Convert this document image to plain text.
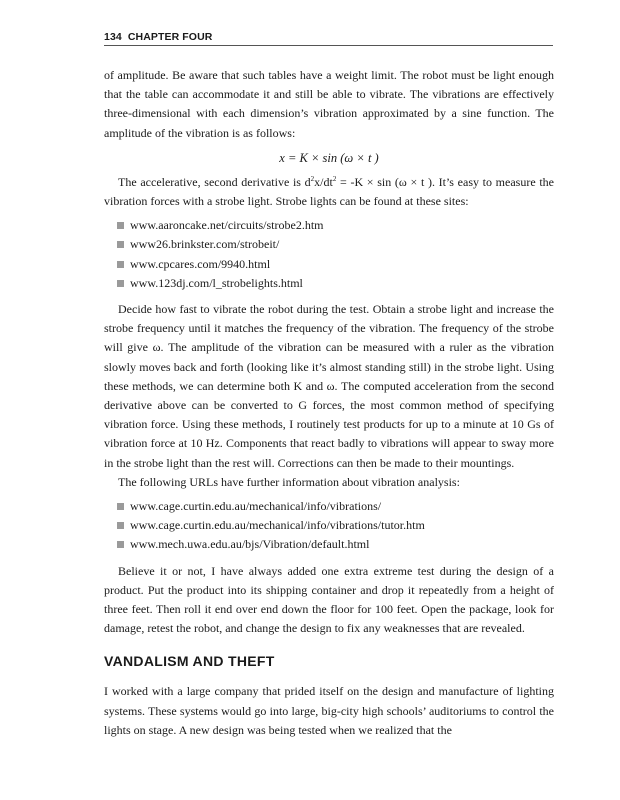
134 CHAPTER FOUR

of amplitude. Be aware that such tables have a weight limit. The robot must be light enough that the table can accommodate it and still be able to vibrate. The vibrations are effectively three-dimensional with each dimension’s vibration approximated by a sine function. The amplitude of the vibration is as follows:

x = K × sin (ω × t )

The accelerative, second derivative is $d^2x/dt^2 = -K \times \sin (\omega \times t$ ). It’s easy to measure the vibration forces with a strobe light. Strobe lights can be found at these sites:

www.aaroncake.net/circuits/strobe2.htm
www26.brinkster.com/strobeit/
www.cpcares.com/9940.html
www.123dj.com/l_strobelights.html

Decide how fast to vibrate the robot during the test. Obtain a strobe light and increase the strobe frequency until it matches the frequency of the vibration. The frequency of the strobe will give ω. The amplitude of the vibration can be measured with a ruler as the vibration slowly moves back and forth (looking like it’s almost standing still) in the strobe light. Using these methods, we can determine both K and ω. The computed acceleration from the second derivative above can be converted to G forces, the most common method of specifying vibration force. Using these methods, I routinely test products for up to a minute at 10 Gs of vibration force at 10 Hz. Components that react badly to vibrations will appear to sway more in the strobe light than the rest will. Corrections can then be made to their mountings.

The following URLs have further information about vibration analysis:

www.cage.curtin.edu.au/mechanical/info/vibrations/
www.cage.curtin.edu.au/mechanical/info/vibrations/tutor.htm
www.mech.uwa.edu.au/bjs/Vibration/default.html

Believe it or not, I have always added one extra extreme test during the design of a product. Put the product into its shipping container and drop it repeatedly from a height of three feet. Then roll it end over end down the floor for 100 feet. Open the package, look for damage, retest the robot, and change the design to fix any weaknesses that are revealed.

VANDALISM AND THEFT

I worked with a large company that prided itself on the design and manufacture of lighting systems. These systems would go into large, big-city high schools’ auditoriums to control the lights on stage. A new design was being tested when we realized that the
